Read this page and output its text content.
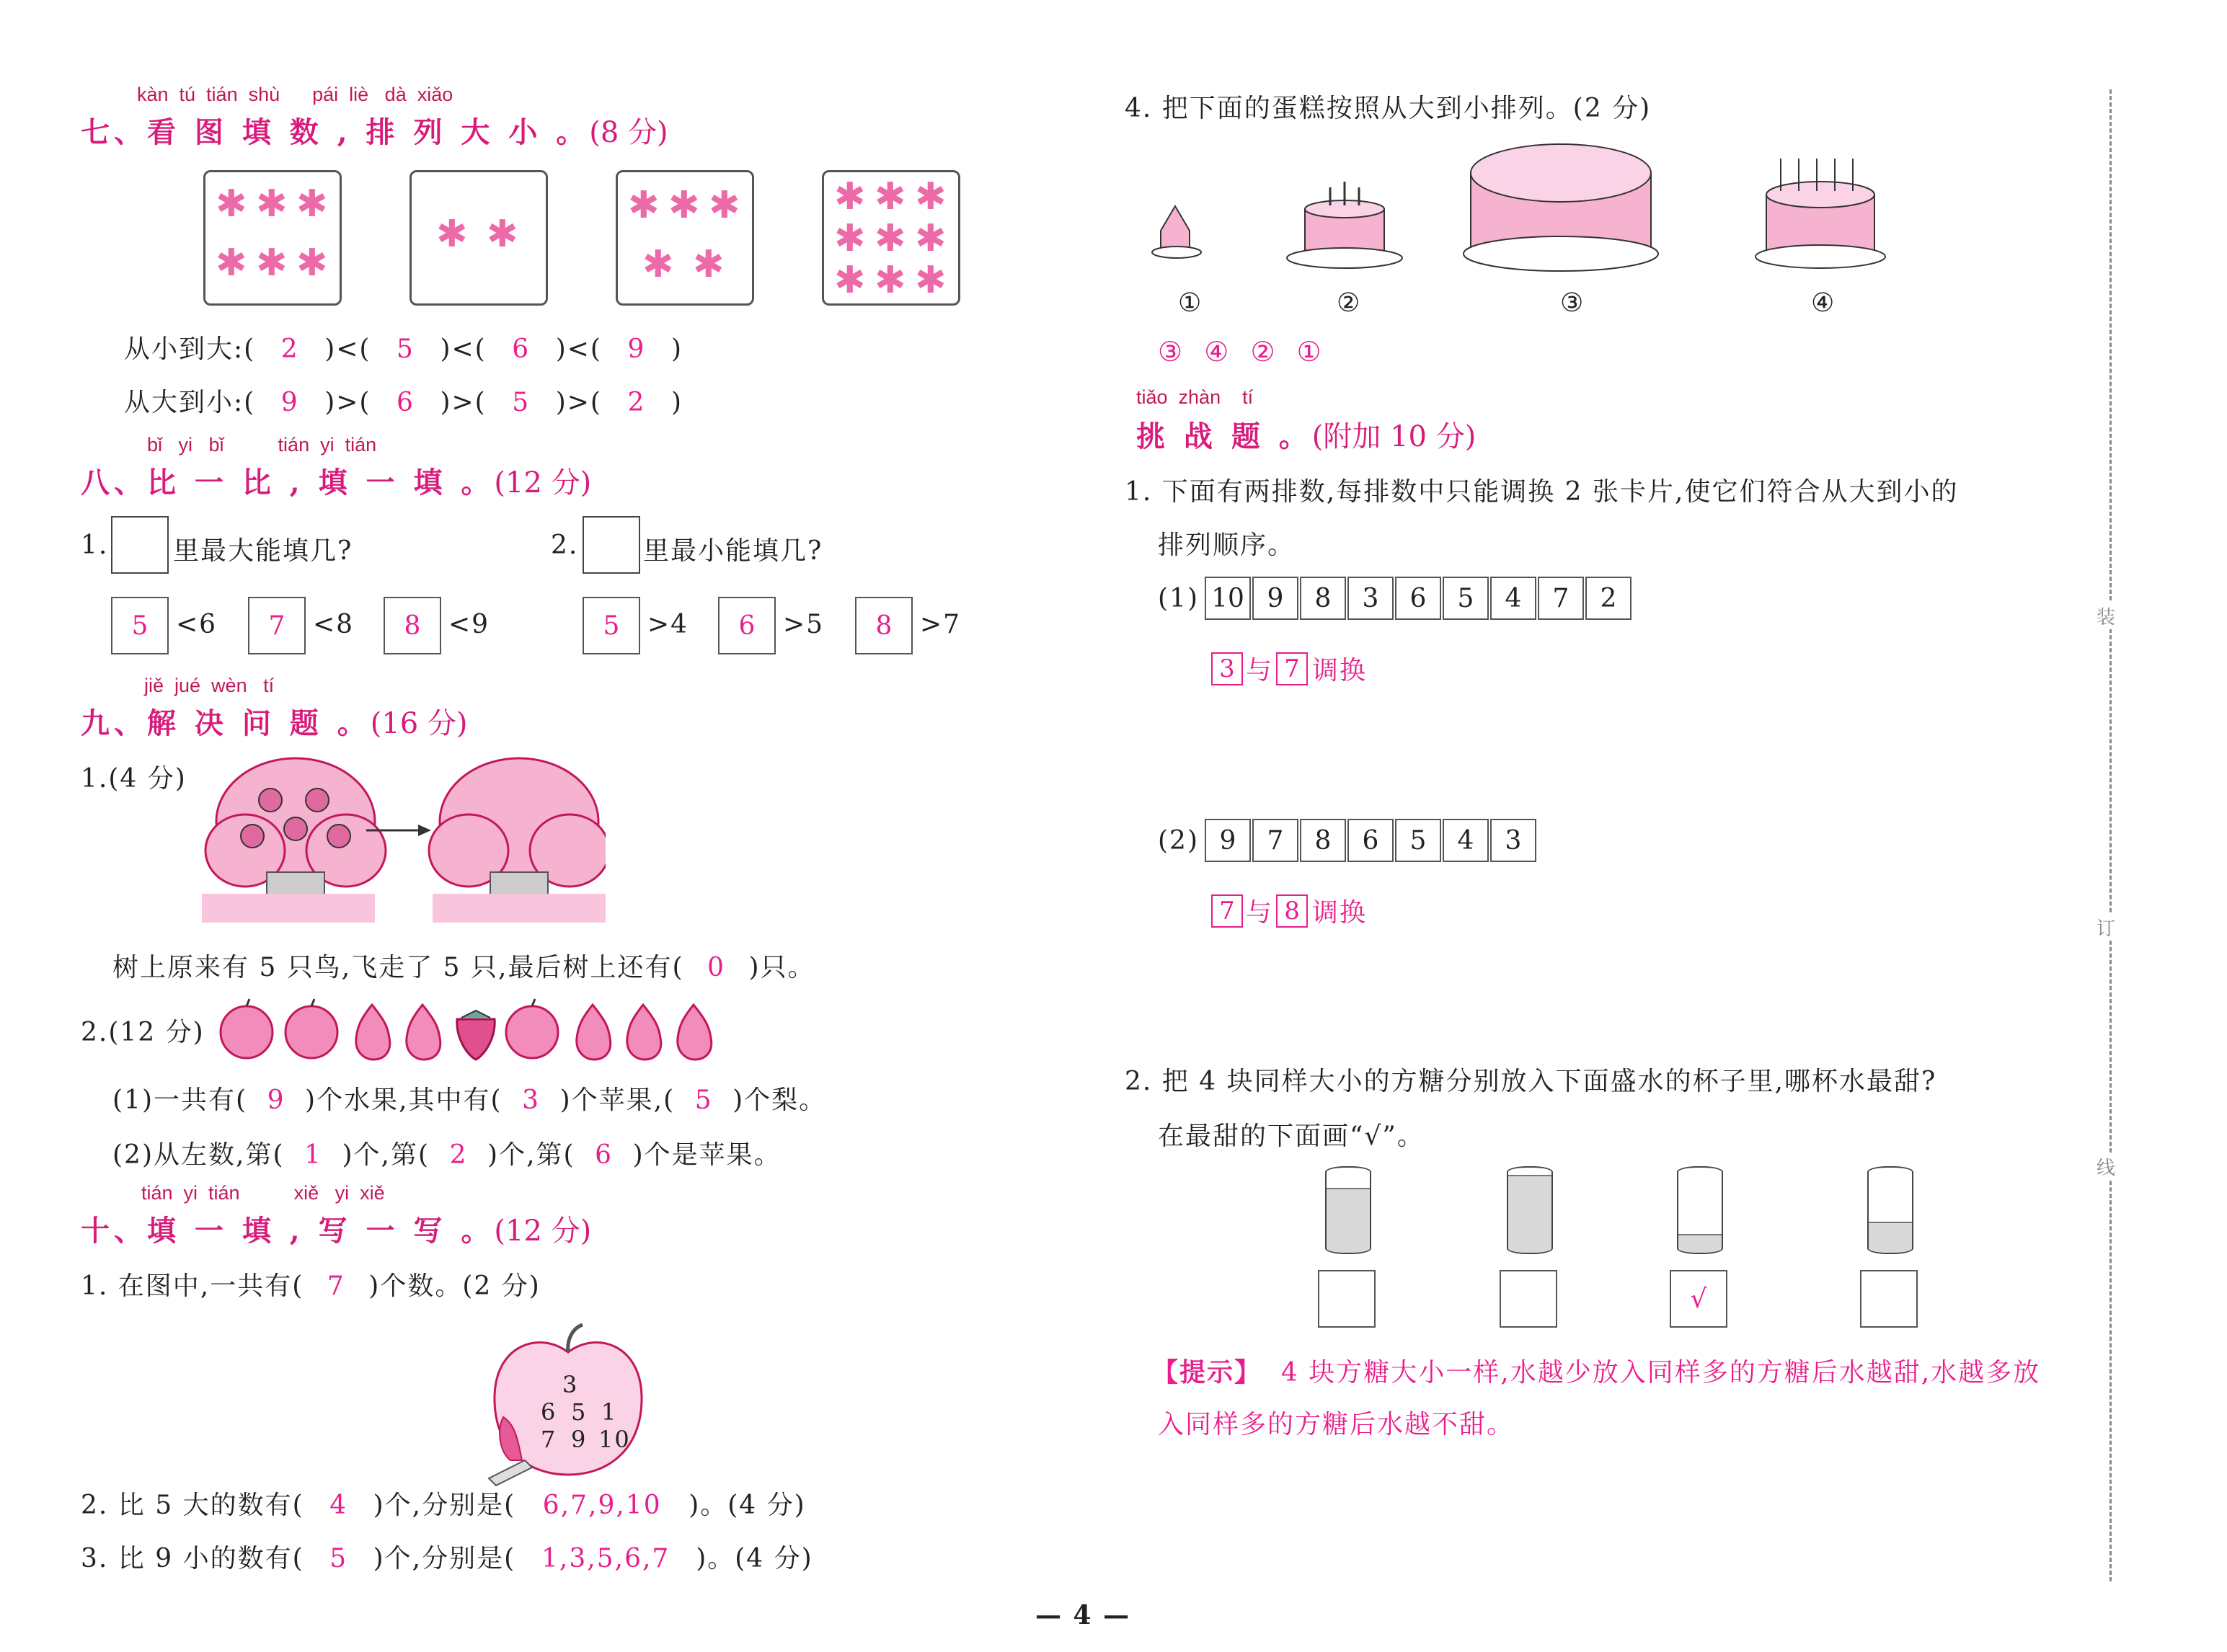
kàn  tú  tián  shù      pái  liè   dà  xiǎo
七、看 图 填 数 , 排 列 大 小 。(8 分)
✱ ✱ ✱
✱ ✱ ✱
✱ ✱
✱ ✱ ✱
✱ ✱
✱ ✱ ✱
✱ ✱ ✱
✱ ✱ ✱
从小到大:( 2 )<( 5 )<( 6 )<( 9 )
从大到小:( 9 )>( 6 )>( 5 )>( 2 )
bǐ   yi   bǐ          tián  yi  tián
八、比 一 比 , 填 一 填 。(12 分)
1. 里最大能填几?	2. 里最小能填几?
5	<6	7	<8	8	<9	5	>4	6	>5	8	>7
jiě  jué  wèn   tí
九、解 决 问 题 。(16 分)
1.(4 分)
树上原来有 5 只鸟,飞走了 5 只,最后树上还有( 0 )只。
2.(12 分)
(1)一共有( 9 )个水果,其中有( 3 )个苹果,( 5 )个梨。
(2)从左数,第( 1 )个,第( 2 )个,第( 6 )个是苹果。
tián  yi  tián          xiě   yi  xiě
十、填 一 填 , 写 一 写 。(12 分)
1. 在图中,一共有( 7 )个数。(2 分)
3
6 5 1
7 9 10
2. 比 5 大的数有( 4 )个,分别是( 6,7,9,10 )。(4 分)
3. 比 9 小的数有( 5 )个,分别是( 1,3,5,6,7 )。(4 分)
4. 把下面的蛋糕按照从大到小排列。(2 分)
①	②	③	④
③  ④  ②  ①
tiǎo  zhàn    tí
挑 战 题 。(附加 10 分)
1. 下面有两排数,每排数中只能调换 2 张卡片,使它们符合从大到小的
排列顺序。
(1) 10 9	8	3	6	5	4	7	2
3 与 7 调换
(2) 9	7	8	6	5	4	3
7 与 8 调换
2. 把 4 块同样大小的方糖分别放入下面盛水的杯子里,哪杯水最甜?
在最甜的下面画“√”。
√
【提示】 4 块方糖大小一样,水越少放入同样多的方糖后水越甜,水越多放
入同样多的方糖后水越不甜。
装
订
线
— 4 —
